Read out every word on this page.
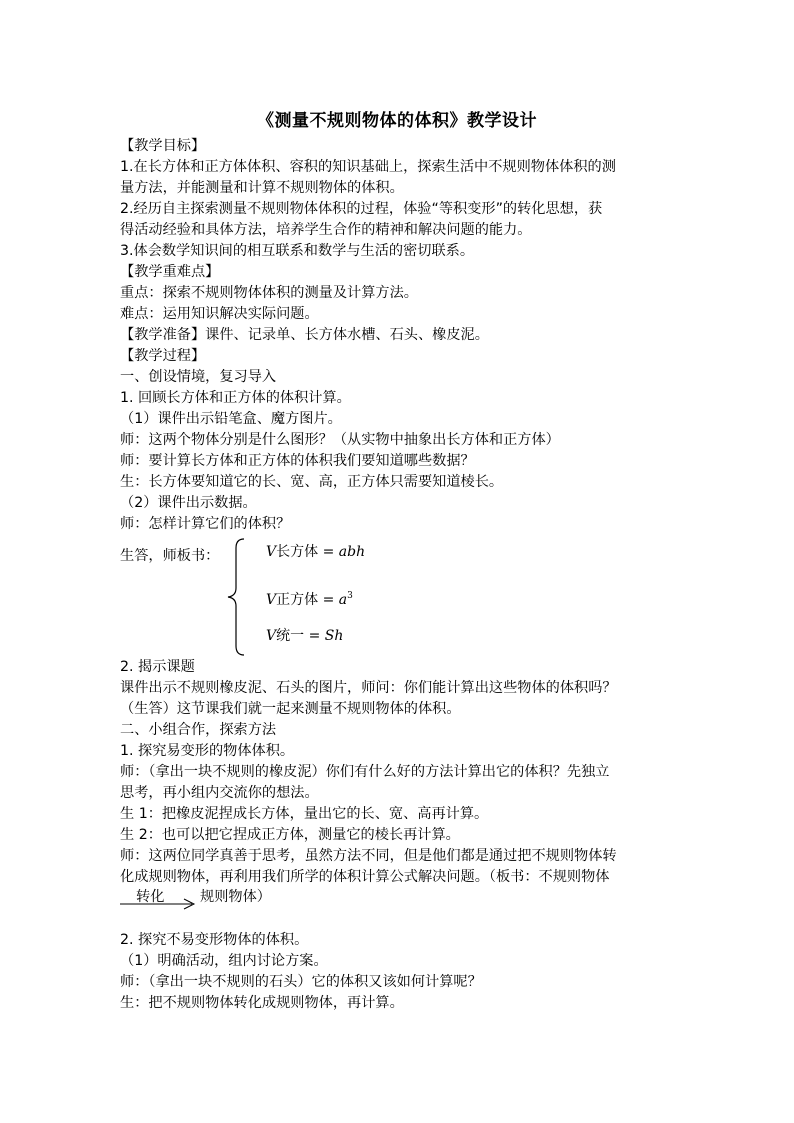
《测量不规则物体的体积》教学设计
【教学目标】
1.在长方体和正方体体积、容积的知识基础上，探索生活中不规则物体体积的测
量方法，并能测量和计算不规则物体的体积。
2.经历自主探索测量不规则物体体积的过程，体验“等积变形”的转化思想，获
得活动经验和具体方法，培养学生合作的精神和解决问题的能力。
3.体会数学知识间的相互联系和数学与生活的密切联系。
【教学重难点】
重点：探索不规则物体体积的测量及计算方法。
难点：运用知识解决实际问题。
【教学准备】课件、记录单、长方体水槽、石头、橡皮泥。
【教学过程】
一、创设情境，复习导入
1. 回顾长方体和正方体的体积计算。
（1）课件出示铅笔盒、魔方图片。
师：这两个物体分别是什么图形？（从实物中抽象出长方体和正方体）
师：要计算长方体和正方体的体积我们要知道哪些数据？
生：长方体要知道它的长、宽、高，正方体只需要知道棱长。
（2）课件出示数据。
师：怎样计算它们的体积？
生答，师板书：	V长方体 = abh
V正方体 = $a^3$
V统一 = Sh
2. 揭示课题
课件出示不规则橡皮泥、石头的图片，师问：你们能计算出这些物体的体积吗？
（生答）这节课我们就一起来测量不规则物体的体积。
二、小组合作，探索方法
1. 探究易变形的物体体积。
师：（拿出一块不规则的橡皮泥）你们有什么好的方法计算出它的体积？先独立
思考，再小组内交流你的想法。
生 1：把橡皮泥捏成长方体，量出它的长、宽、高再计算。
生 2：也可以把它捏成正方体，测量它的棱长再计算。
师：这两位同学真善于思考，虽然方法不同，但是他们都是通过把不规则物体转
化成规则物体，再利用我们所学的体积计算公式解决问题。（板书：不规则物体
转化	规则物体）
2. 探究不易变形物体的体积。
（1）明确活动，组内讨论方案。
师：（拿出一块不规则的石头）它的体积又该如何计算呢？
生：把不规则物体转化成规则物体，再计算。
